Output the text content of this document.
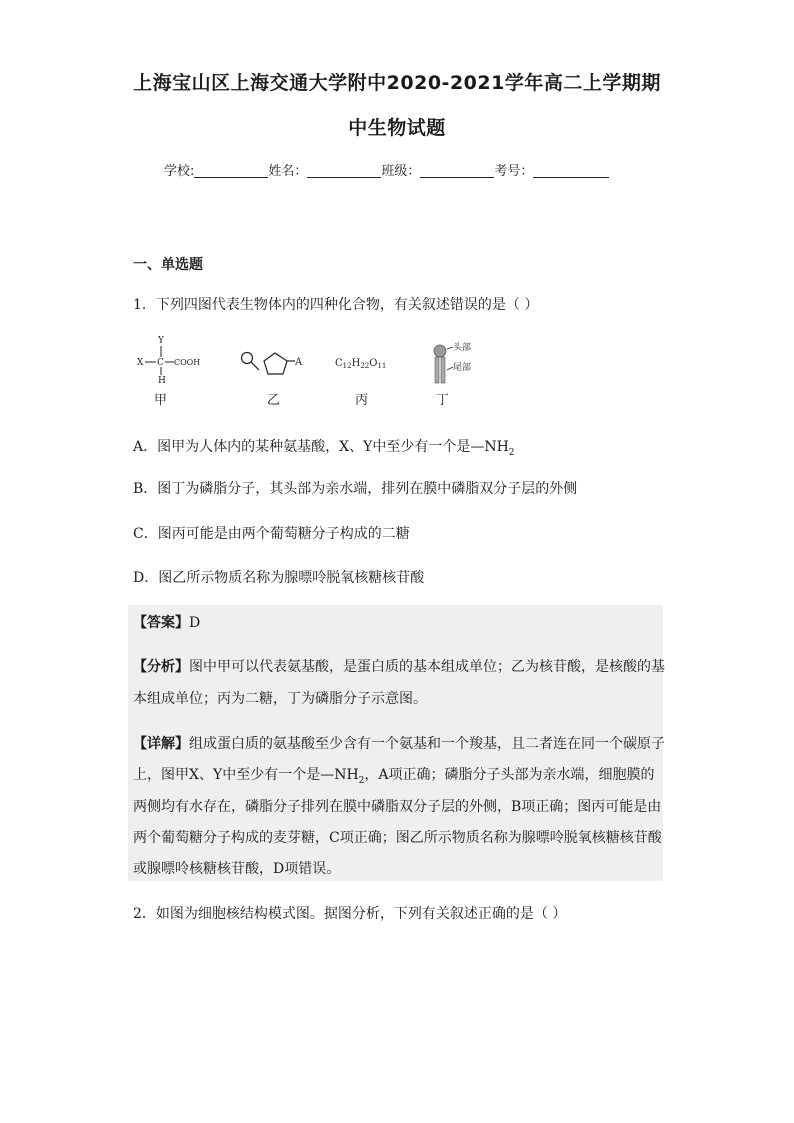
上海宝山区上海交通大学附中2020-2021学年高二上学期期
中生物试题
学校:	姓名：	班级：	考号：
一、单选题
1．下列四图代表生物体内的四种化合物，有关叙述错误的是（ ）
Y
X C COOH
H
A	$C_{12}H_{22}O_{11}$
头部
尾部
甲	乙	丙	丁
A．图甲为人体内的某种氨基酸，X、Y中至少有一个是$—NH_2$
B．图丁为磷脂分子，其头部为亲水端，排列在膜中磷脂双分子层的外侧
C．图丙可能是由两个葡萄糖分子构成的二糖
D．图乙所示物质名称为腺嘌呤脱氧核糖核苷酸
【答案】D
【分析】图中甲可以代表氨基酸，是蛋白质的基本组成单位；乙为核苷酸，是核酸的基
本组成单位；丙为二糖，丁为磷脂分子示意图。
【详解】组成蛋白质的氨基酸至少含有一个氨基和一个羧基，且二者连在同一个碳原子
上，图甲X、Y中至少有一个是$—NH_2$，A项正确；磷脂分子头部为亲水端，细胞膜的
两侧均有水存在，磷脂分子排列在膜中磷脂双分子层的外侧，B项正确；图丙可能是由
两个葡萄糖分子构成的麦芽糖，C项正确；图乙所示物质名称为腺嘌呤脱氧核糖核苷酸
或腺嘌呤核糖核苷酸，D项错误。
2．如图为细胞核结构模式图。据图分析，下列有关叙述正确的是（ ）
